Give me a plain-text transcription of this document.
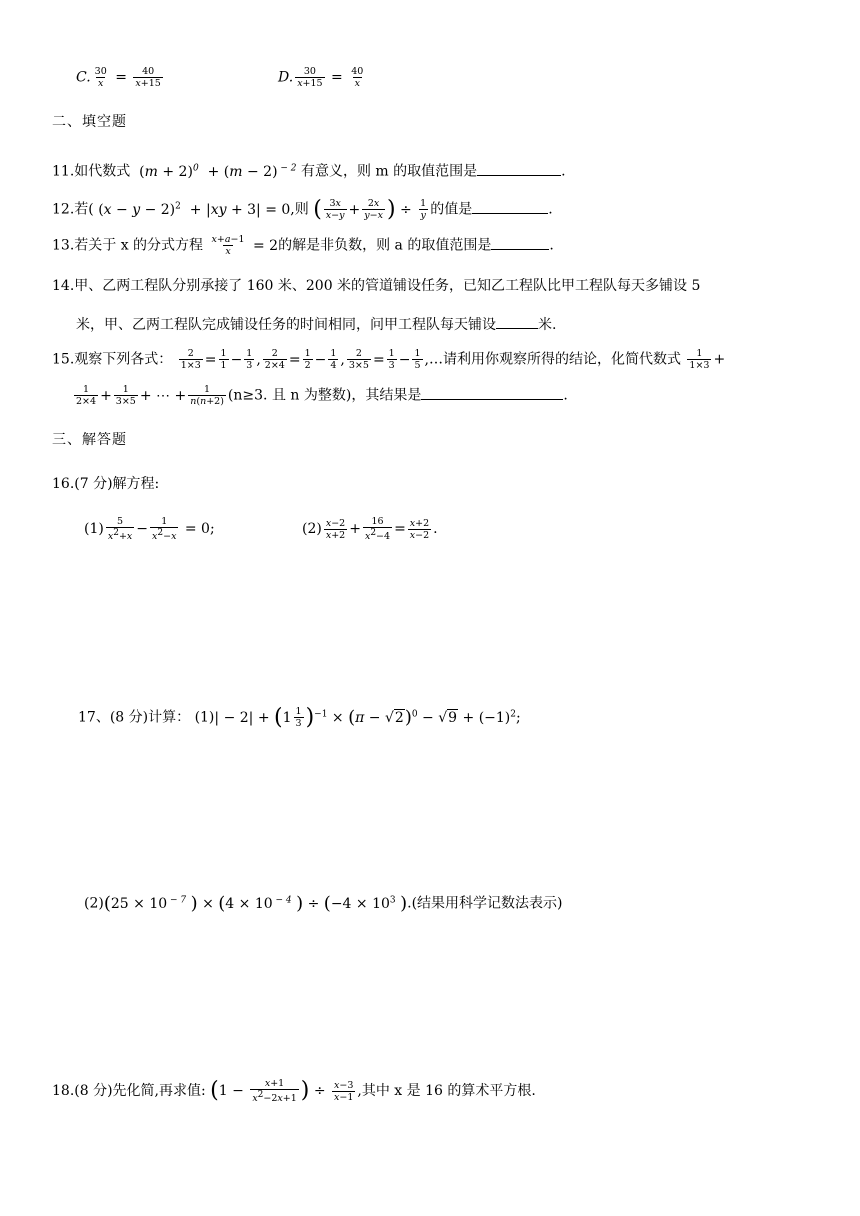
C. $\frac{30}{x} = \frac{40}{x+15}$	D. $\frac{30}{x+15} = \frac{40}{x}$
二、填空题
11.如代数式 $(m + 2)^0 + (m - 2)$ $^{- 2}$ 有意义，则 m 的取值范围是	.
12.若( $(x - y - 2)^2 + |xy + 3| = 0$,则 ( $\frac{3x}{x-y} + \frac{2x}{y-x}$ ) ÷ $\frac{1}{y}$ 的值是	.
13.若关于 x 的分式方程 $\frac{x+a-1}{x} = 2$的解是非负数，则 a 的取值范围是	.
14.甲、乙两工程队分别承接了 160 米、200 米的管道铺设任务，已知乙工程队比甲工程队每天多铺设 5
米，甲、乙两工程队完成铺设任务的时间相同，问甲工程队每天铺设	米.
15.观察下列各式： $\frac{2}{1\times 3} = \frac{1}{1} - \frac{1}{3}$ , $\frac{2}{2\times 4} = \frac{1}{2} - \frac{1}{4}$ , $\frac{2}{3\times 5} = \frac{1}{3} - \frac{1}{5}$ ,…请利用你观察所得的结论，化简代数式 $\frac{1}{1\times 3}$ +
$\frac{1}{2\times 4} + \frac{1}{3\times 5}$ + ⋯ + $\frac{1}{n(n+2)} (n\ge 3$. 且 n 为整数)，其结果是	.
三、解答题
16.(7 分)解方程:
$(1) \frac{5}{x^2+x} - \frac{1}{x^2-x} = 0$;	$(2) \frac{x-2}{x+2} + \frac{16}{x^2-4} = \frac{x+2}{x-2}$ .
17、(8 分)计算： $(1)| - 2| + (1 \frac{1}{3} )^{-1} \times (\pi - √2)^0 - √9 + (-1)^2$;
(2)(25 × 10 $^{- 7}$ ) × (4 × 10 $^{- 4}$ ) ÷ ($-4 \times 10^3$ ).(结果用科学记数法表示)
18.(8 分)先化简,再求值: ($1 - \frac{x+1}{x^2-2x+1}$ ) ÷ $\frac{x-3}{x-1}$ ,其中 x 是 16 的算术平方根.
